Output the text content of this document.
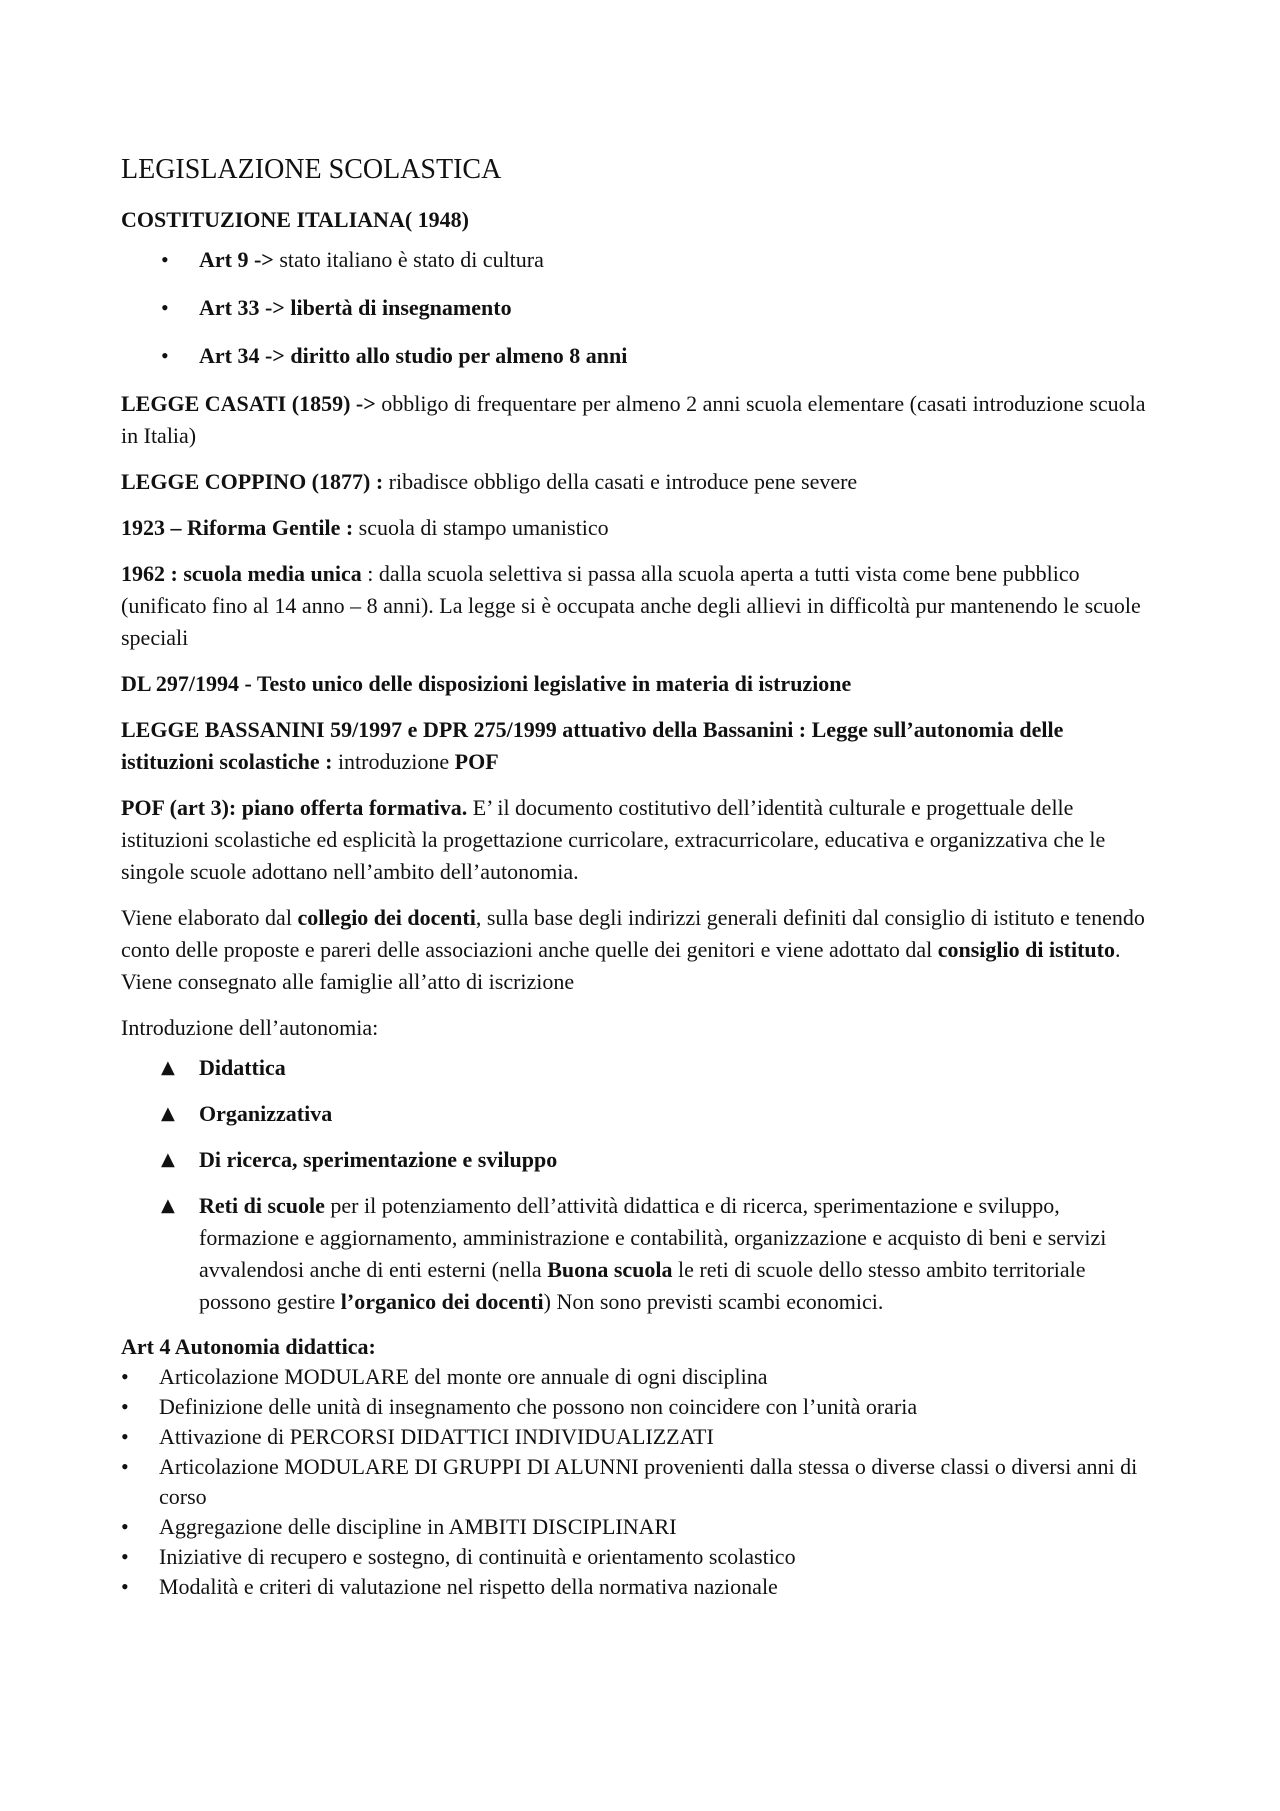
LEGISLAZIONE SCOLASTICA
COSTITUZIONE ITALIANA( 1948)
• Art 9 -> stato italiano è stato di cultura
• Art 33 -> libertà di insegnamento
• Art 34 -> diritto allo studio per almeno 8 anni

LEGGE CASATI (1859) -> obbligo di frequentare per almeno 2 anni scuola elementare (casati introduzione scuola in Italia)

LEGGE COPPINO (1877) : ribadisce obbligo della casati e introduce pene severe

1923 – Riforma Gentile : scuola di stampo umanistico

1962 : scuola media unica : dalla scuola selettiva si passa alla scuola aperta a tutti vista come bene pubblico (unificato fino al 14 anno – 8 anni). La legge si è occupata anche degli allievi in difficoltà pur mantenendo le scuole speciali

DL 297/1994 - Testo unico delle disposizioni legislative in materia di istruzione

LEGGE BASSANINI 59/1997 e DPR 275/1999 attuativo della Bassanini : Legge sull’autonomia delle istituzioni scolastiche : introduzione POF

POF (art 3): piano offerta formativa. E’ il documento costitutivo dell’identità culturale e progettuale delle istituzioni scolastiche ed esplicità la progettazione curricolare, extracurricolare, educativa e organizzativa che le singole scuole adottano nell’ambito dell’autonomia.

Viene elaborato dal collegio dei docenti, sulla base degli indirizzi generali definiti dal consiglio di istituto e tenendo conto delle proposte e pareri delle associazioni anche quelle dei genitori e viene adottato dal consiglio di istituto. Viene consegnato alle famiglie all’atto di iscrizione

Introduzione dell’autonomia:

▲ Didattica
▲ Organizzativa
▲ Di ricerca, sperimentazione e sviluppo
▲ Reti di scuole per il potenziamento dell’attività didattica e di ricerca, sperimentazione e sviluppo, formazione e aggiornamento, amministrazione e contabilità, organizzazione e acquisto di beni e servizi avvalendosi anche di enti esterni (nella Buona scuola le reti di scuole dello stesso ambito territoriale possono gestire l’organico dei docenti) Non sono previsti scambi economici.

Art 4 Autonomia didattica:

• Articolazione MODULARE del monte ore annuale di ogni disciplina
• Definizione delle unità di insegnamento che possono non coincidere con l’unità oraria
• Attivazione di PERCORSI DIDATTICI INDIVIDUALIZZATI
• Articolazione MODULARE DI GRUPPI DI ALUNNI provenienti dalla stessa o diverse classi o diversi anni di corso
• Aggregazione delle discipline in AMBITI DISCIPLINARI
• Iniziative di recupero e sostegno, di continuità e orientamento scolastico
• Modalità e criteri di valutazione nel rispetto della normativa nazionale
